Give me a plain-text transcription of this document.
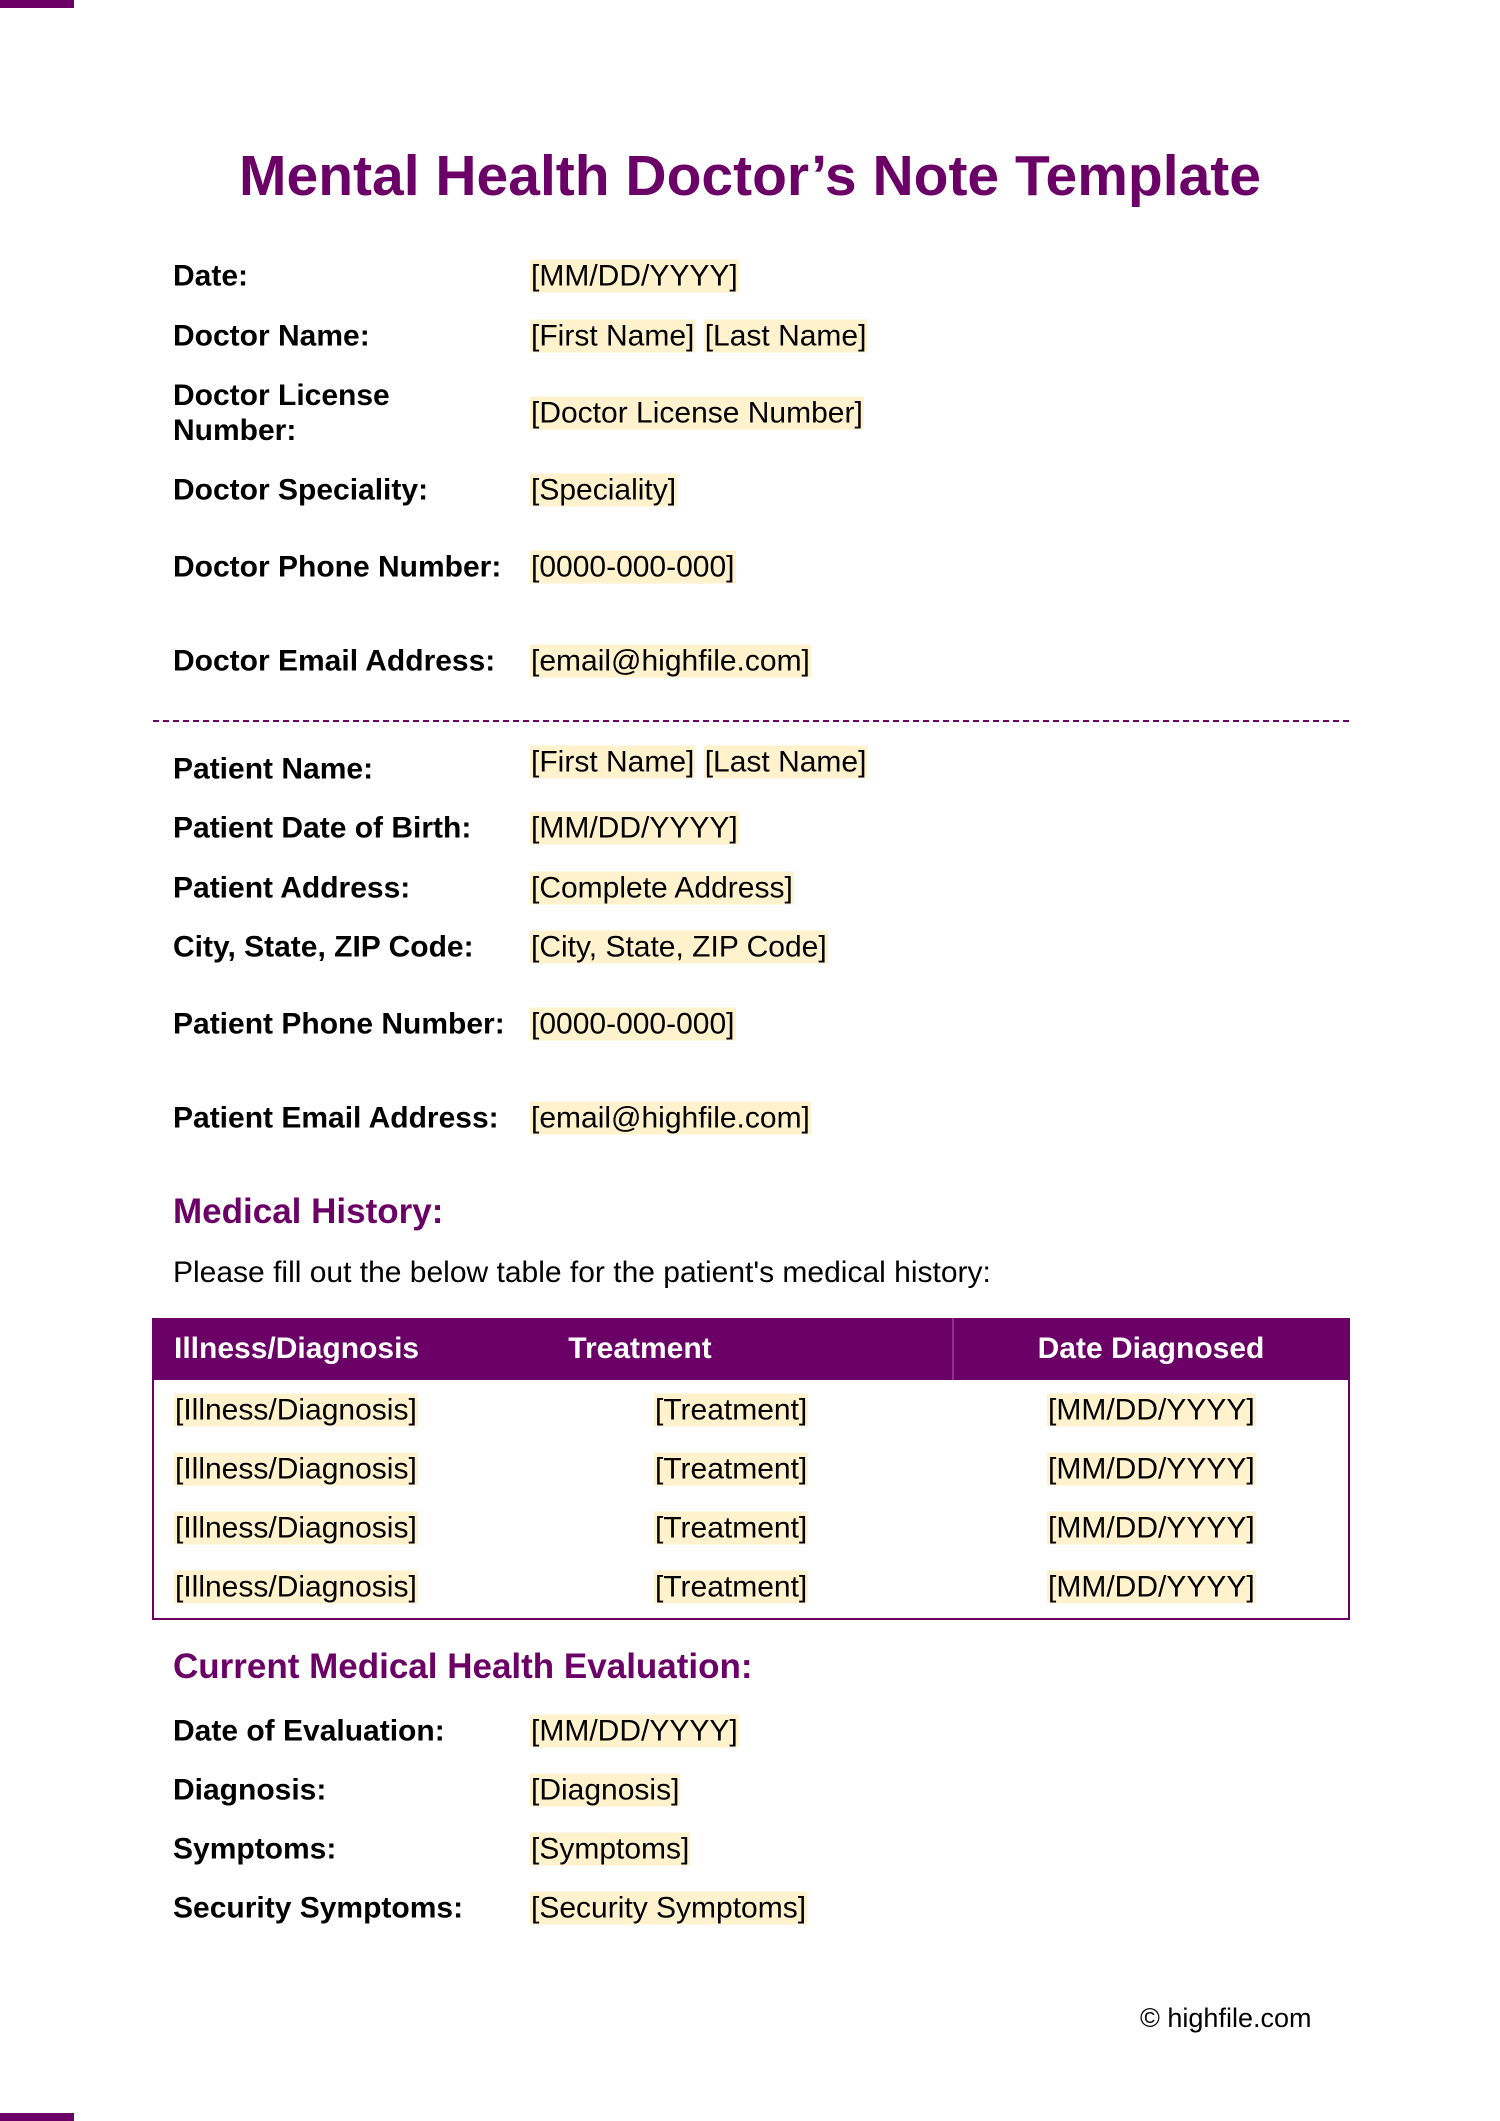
Mental Health Doctor’s Note Template
Date:	[MM/DD/YYYY]
Doctor Name:	[First Name] [Last Name]
Doctor License Number:
[Doctor License Number]
Doctor Speciality:	[Speciality]
Doctor Phone Number: [0000-000-000]
Doctor Email Address:	[email@highfile.com]
Patient Name:	[First Name] [Last Name]
Patient Date of Birth:	[MM/DD/YYYY]
Patient Address:	[Complete Address]
City, State, ZIP Code:	[City, State, ZIP Code]
Patient Phone Number: [0000-000-000]
Patient Email Address:	[email@highfile.com]
Medical History:

Please fill out the below table for the patient's medical history:

Illness/Diagnosis	Treatment	Date Diagnosed
[Illness/Diagnosis]	[Treatment]	[MM/DD/YYYY]
[Illness/Diagnosis]	[Treatment]	[MM/DD/YYYY]
[Illness/Diagnosis]	[Treatment]	[MM/DD/YYYY]
[Illness/Diagnosis]	[Treatment]	[MM/DD/YYYY]
Current Medical Health Evaluation:
Date of Evaluation:	[MM/DD/YYYY]
Diagnosis:	[Diagnosis]
Symptoms:	[Symptoms]
Security Symptoms:	[Security Symptoms]
© highfile.com
